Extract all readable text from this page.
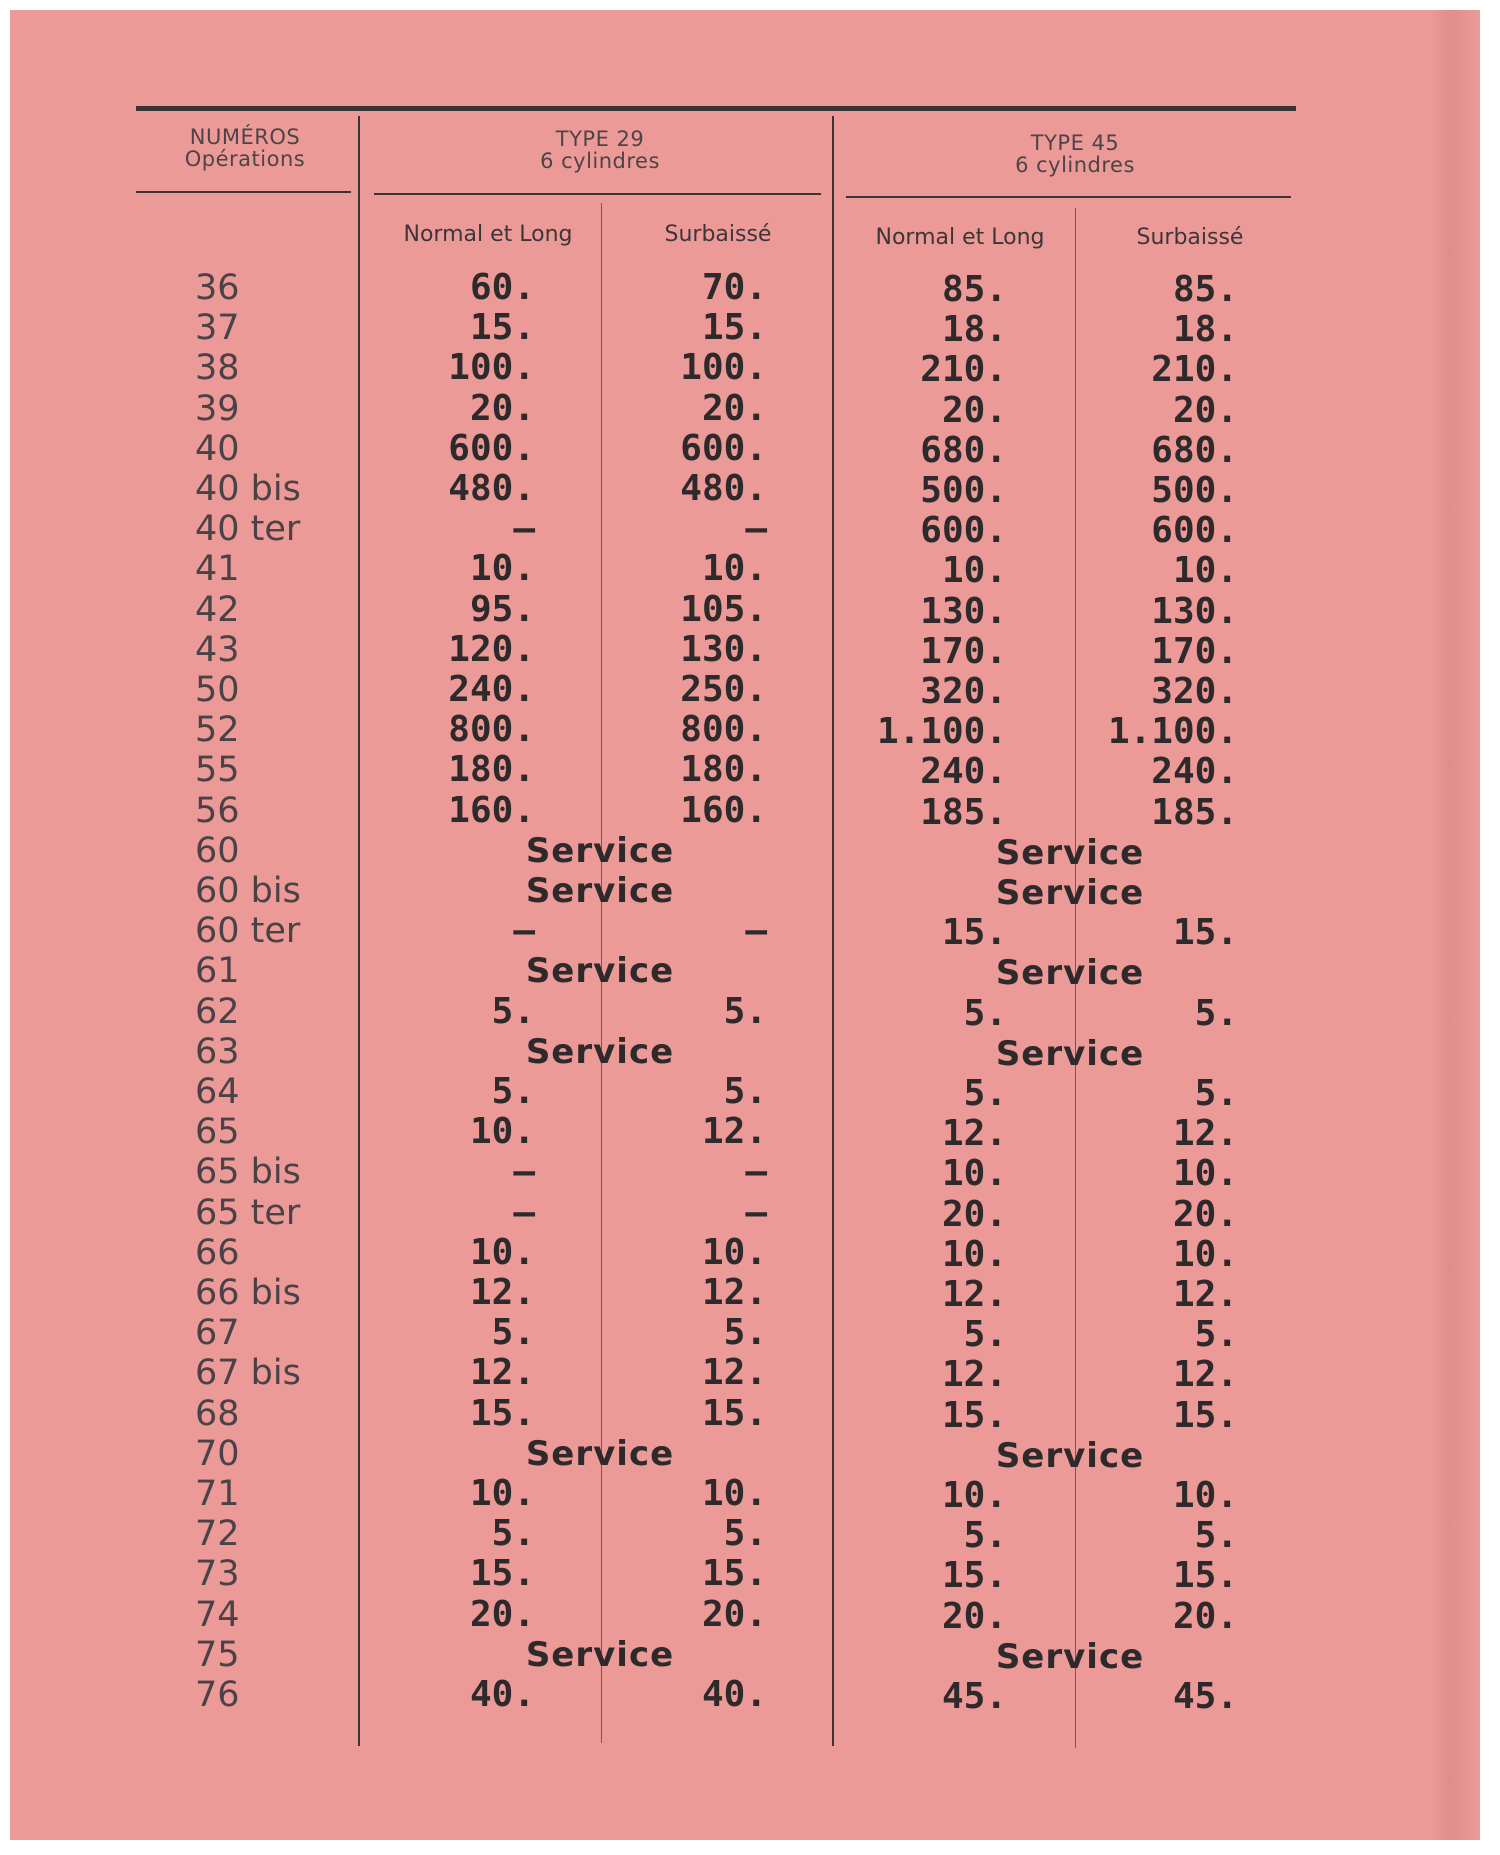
NUMÉROS
Opérations
TYPE 29
6 cylindres
TYPE 45
6 cylindres
Normal et Long	Surbaissé	Normal et Long	Surbaissé
36	60.	70.	85.	85.
37	15.	15.	18.	18.
38	100.	100.	210.	210.
39	20.	20.	20.	20.
40	600.	600.	680.	680.
40 bis	480.	480.	500.	500.
40 ter	—	—	600.	600.
41	10.	10.	10.	10.
42	95.	105.	130.	130.
43	120.	130.	170.	170.
50	240.	250.	320.	320.
52	800.	800.	1.100.	1.100.
55	180.	180.	240.	240.
56	160.	160.	185.	185.
60	Service	Service
60 bis	Service	Service
60 ter	—	—	15.	15.
61	Service	Service
62	5.	5.	5.	5.
63	Service	Service
64	5.	5.	5.	5.
65	10.	12.	12.	12.
65 bis	—	—	10.	10.
65 ter	—	—	20.	20.
66	10.	10.	10.	10.
66 bis	12.	12.	12.	12.
67	5.	5.	5.	5.
67 bis	12.	12.	12.	12.
68	15.	15.	15.	15.
70	Service	Service
71	10.	10.	10.	10.
72	5.	5.	5.	5.
73	15.	15.	15.	15.
74	20.	20.	20.	20.
75	Service	Service
76	40.	40.	45.	45.
